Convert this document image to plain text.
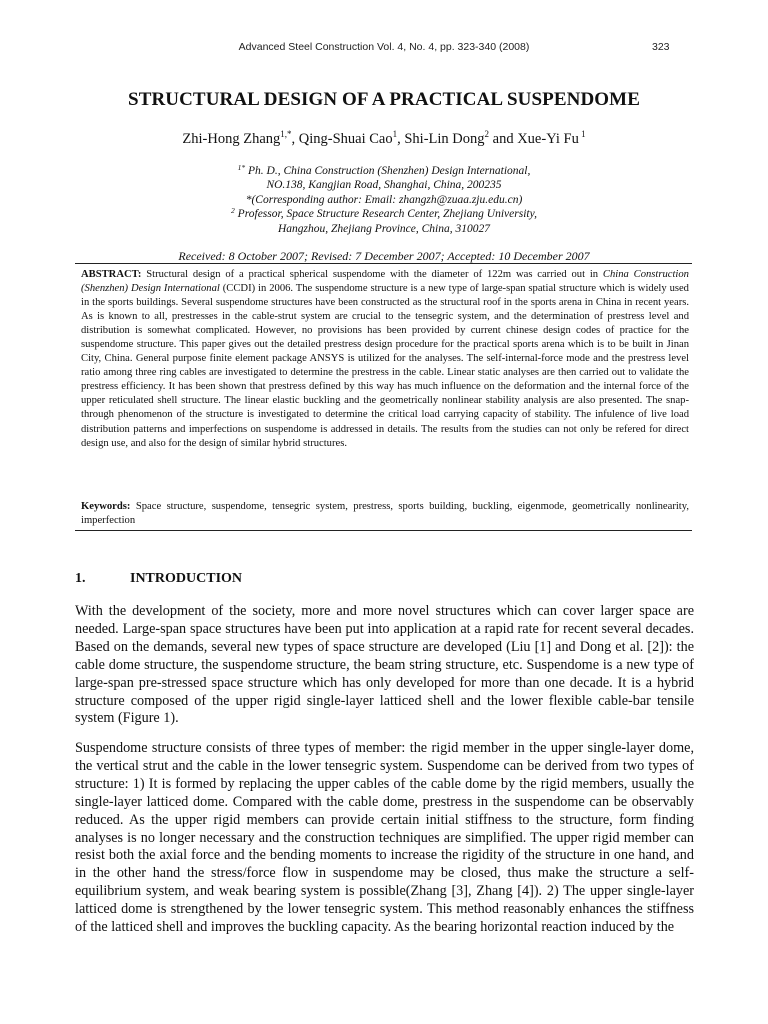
Advanced Steel Construction Vol. 4, No. 4, pp. 323-340 (2008)	323
STRUCTURAL DESIGN OF A PRACTICAL SUSPENDOME
Zhi-Hong Zhang$^{1,*}$, Qing-Shuai Cao$^1$, Shi-Lin Dong$^2$ and Xue-Yi Fu $^1$
$^{1*}$ Ph. D., China Construction (Shenzhen) Design International,
NO.138, Kangjian Road, Shanghai, China, 200235
*(Corresponding author: Email: zhangzh@zuaa.zju.edu.cn)
$^2$ Professor, Space Structure Research Center, Zhejiang University,
Hangzhou, Zhejiang Province, China, 310027
Received: 8 October 2007; Revised: 7 December 2007; Accepted: 10 December 2007
ABSTRACT: Structural design of a practical spherical suspendome with the diameter of 122m was carried out in China Construction (Shenzhen) Design International (CCDI) in 2006. The suspendome structure is a new type of large-span spatial structure which is widely used in the sports buildings. Several suspendome structures have been constructed as the structural roof in the sports arena in China in recent years. As is known to all, prestresses in the cable-strut system are crucial to the tensegric system, and the determination of prestress level and distribution is somewhat complicated. However, no provisions has been provided by current chinese design codes of practice for the suspendome structure. This paper gives out the detailed prestress design procedure for the practical sports arena which is to be built in Jinan City, China. General purpose finite element package ANSYS is utilized for the analyses. The self-internal-force mode and the prestress level ratio among three ring cables are investigated to determine the prestress in the cable. Linear static analyses are then carried out to validate the prestress efficiency. It has been shown that prestress defined by this way has much influence on the deformation and the internal force of the upper reticulated shell structure. The linear elastic buckling and the geometrically nonlinear stability analysis are also presented. The snap-through phenomenon of the structure is investigated to determine the critical load carrying capacity of stability. The infulence of live load distribution patterns and imperfections on suspendome is addressed in details. The results from the studies can not only be refered for direct design use, and also for the design of similar hybrid structures.
Keywords: Space structure, suspendome, tensegric system, prestress, sports building, buckling, eigenmode, geometrically nonlinearity, imperfection
1.	INTRODUCTION
With the development of the society, more and more novel structures which can cover larger space are needed. Large-span space structures have been put into application at a rapid rate for recent several decades. Based on the demands, several new types of space structure are developed (Liu [1] and Dong et al. [2]): the cable dome structure, the suspendome structure, the beam string structure, etc. Suspendome is a new type of large-span pre-stressed space structure which has only developed for more than one decade. It is a hybrid structure composed of the upper rigid single-layer latticed shell and the lower flexible cable-bar tensile system (Figure 1).
Suspendome structure consists of three types of member: the rigid member in the upper single-layer dome, the vertical strut and the cable in the lower tensegric system. Suspendome can be derived from two types of structure: 1) It is formed by replacing the upper cables of the cable dome by the rigid members, usually the single-layer latticed dome. Compared with the cable dome, prestress in the suspendome can be observably reduced. As the upper rigid members can provide certain initial stiffness to the structure, form finding analyses is no longer necessary and the construction techniques are simplified. The upper rigid member can resist both the axial force and the bending moments to increase the rigidity of the structure in one hand, and in the other hand the stress/force flow in suspendome may be closed, thus make the structure a self-equilibrium system, and weak bearing system is possible(Zhang [3], Zhang [4]). 2) The upper single-layer latticed dome is strengthened by the lower tensegric system. This method reasonably enhances the stiffness of the latticed shell and improves the buckling capacity. As the bearing horizontal reaction induced by the
